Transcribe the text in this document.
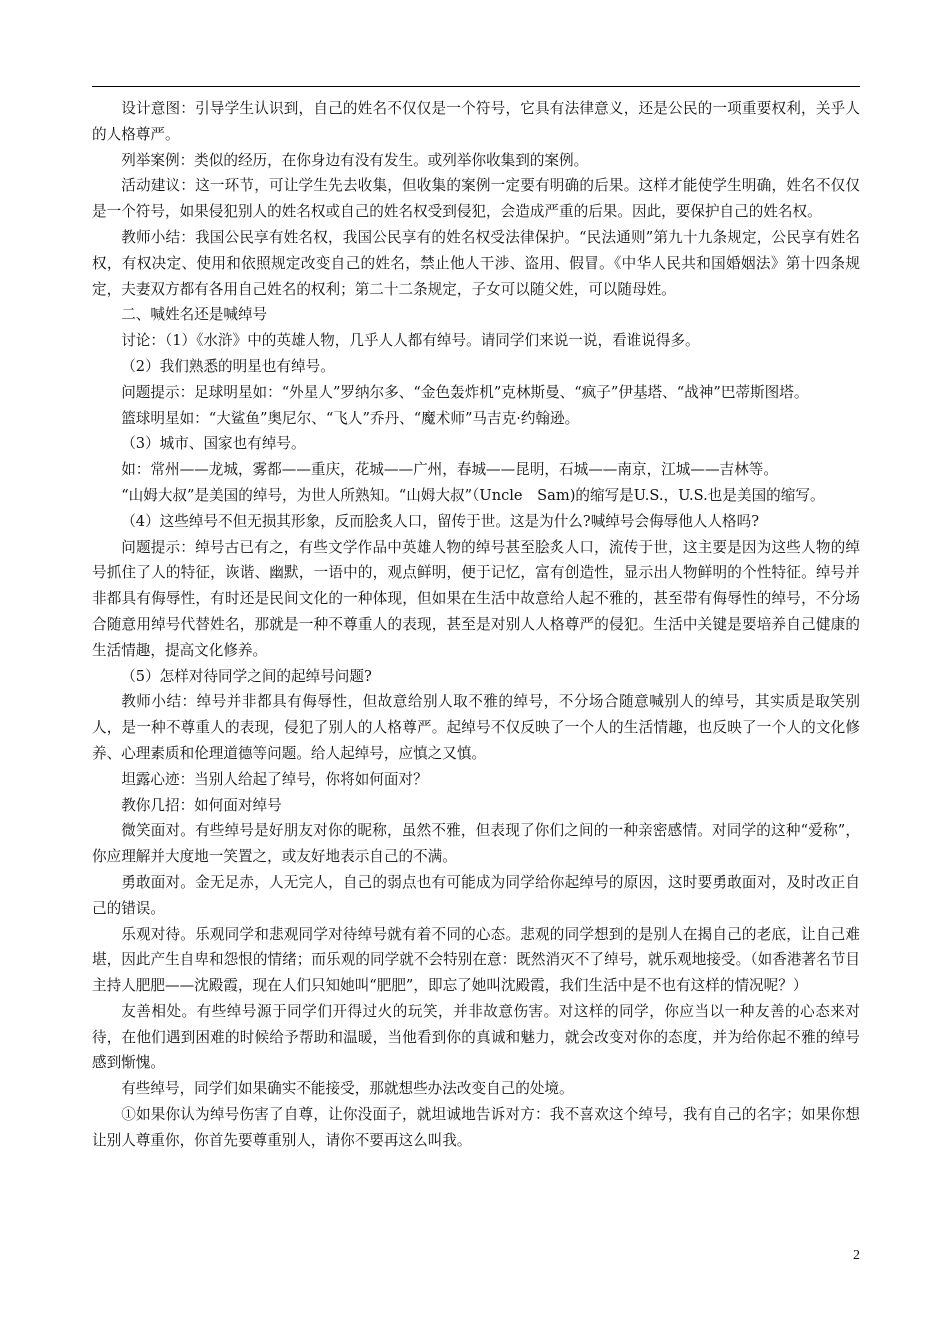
设计意图：引导学生认识到，自己的姓名不仅仅是一个符号，它具有法律意义，还是公民的一项重要权利，关乎人的人格尊严。

列举案例：类似的经历，在你身边有没有发生。或列举你收集到的案例。

活动建议：这一环节，可让学生先去收集，但收集的案例一定要有明确的后果。这样才能使学生明确，姓名不仅仅是一个符号，如果侵犯别人的姓名权或自己的姓名权受到侵犯，会造成严重的后果。因此，要保护自己的姓名权。

教师小结：我国公民享有姓名权，我国公民享有的姓名权受法律保护。“民法通则”第九十九条规定，公民享有姓名权，有权决定、使用和依照规定改变自己的姓名，禁止他人干涉、盗用、假冒。《中华人民共和国婚姻法》第十四条规定，夫妻双方都有各用自己姓名的权利；第二十二条规定，子女可以随父姓，可以随母姓。

二、喊姓名还是喊绰号

讨论：（1）《水浒》中的英雄人物，几乎人人都有绰号。请同学们来说一说，看谁说得多。

（2）我们熟悉的明星也有绰号。

问题提示：足球明星如：“外星人”罗纳尔多、“金色轰炸机”克林斯曼、“疯子”伊基塔、“战神”巴蒂斯图塔。

篮球明星如：“大鲨鱼”奥尼尔、“飞人”乔丹、“魔术师”马吉克·约翰逊。

（3）城市、国家也有绰号。

如：常州——龙城，雾都——重庆，花城——广州，春城——昆明，石城——南京，江城——吉林等。

“山姆大叔”是美国的绰号，为世人所熟知。“山姆大叔”（Uncle　Sam)的缩写是U.S.，U.S.也是美国的缩写。

（4）这些绰号不但无损其形象，反而脍炙人口，留传于世。这是为什么?喊绰号会侮辱他人人格吗?

问题提示：绰号古已有之，有些文学作品中英雄人物的绰号甚至脍炙人口，流传于世，这主要是因为这些人物的绰号抓住了人的特征，诙谐、幽默，一语中的，观点鲜明，便于记忆，富有创造性，显示出人物鲜明的个性特征。绰号并非都具有侮辱性，有时还是民间文化的一种体现，但如果在生活中故意给人起不雅的，甚至带有侮辱性的绰号，不分场合随意用绰号代替姓名，那就是一种不尊重人的表现，甚至是对别人人格尊严的侵犯。生活中关键是要培养自己健康的生活情趣，提高文化修养。

（5）怎样对待同学之间的起绰号问题?

教师小结：绰号并非都具有侮辱性，但故意给别人取不雅的绰号，不分场合随意喊别人的绰号，其实质是取笑别人，是一种不尊重人的表现，侵犯了别人的人格尊严。起绰号不仅反映了一个人的生活情趣，也反映了一个人的文化修养、心理素质和伦理道德等问题。给人起绰号，应慎之又慎。

坦露心迹：当别人给起了绰号，你将如何面对？

教你几招：如何面对绰号

微笑面对。有些绰号是好朋友对你的昵称，虽然不雅，但表现了你们之间的一种亲密感情。对同学的这种“爱称”，你应理解并大度地一笑置之，或友好地表示自己的不满。

勇敢面对。金无足赤，人无完人，自己的弱点也有可能成为同学给你起绰号的原因，这时要勇敢面对，及时改正自己的错误。

乐观对待。乐观同学和悲观同学对待绰号就有着不同的心态。悲观的同学想到的是别人在揭自己的老底，让自己难堪，因此产生自卑和怨恨的情绪；而乐观的同学就不会特别在意：既然消灭不了绰号，就乐观地接受。（如香港著名节目主持人肥肥——沈殿霞，现在人们只知她叫“肥肥”，即忘了她叫沈殿霞，我们生活中是不也有这样的情况呢？）

友善相处。有些绰号源于同学们开得过火的玩笑，并非故意伤害。对这样的同学，你应当以一种友善的心态来对待，在他们遇到困难的时候给予帮助和温暖，当他看到你的真诚和魅力，就会改变对你的态度，并为给你起不雅的绰号感到惭愧。

有些绰号，同学们如果确实不能接受，那就想些办法改变自己的处境。

①如果你认为绰号伤害了自尊，让你没面子，就坦诚地告诉对方：我不喜欢这个绰号，我有自己的名字；如果你想让别人尊重你，你首先要尊重别人，请你不要再这么叫我。

2
